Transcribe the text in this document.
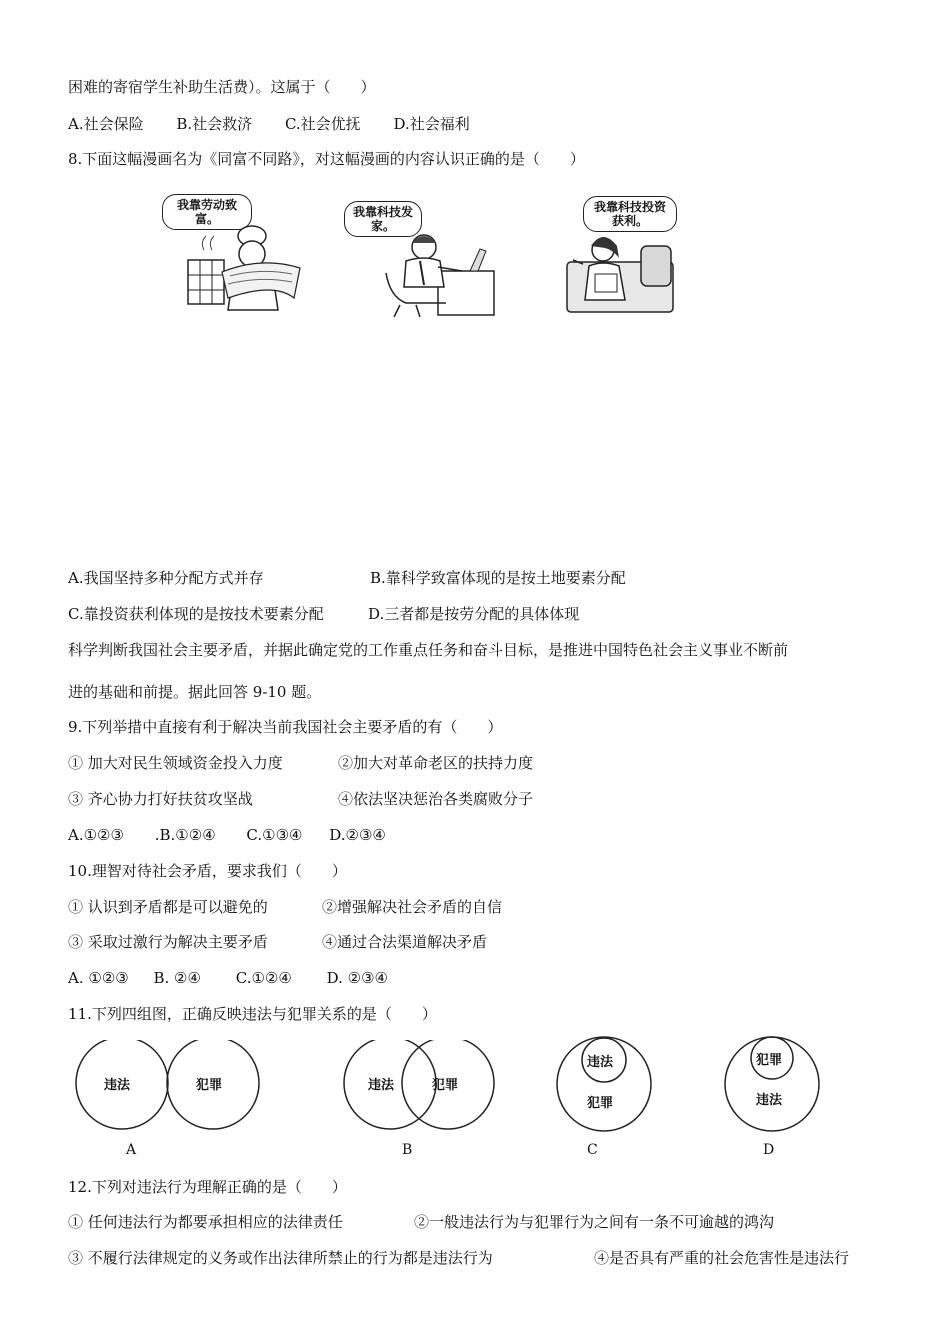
困难的寄宿学生补助生活费）。这属于（　　）
A.社会保险 B.社会救济 C.社会优抚 D.社会福利
8.下面这幅漫画名为《同富不同路》，对这幅漫画的内容认识正确的是（　　）
我靠劳动致富。	我靠科技发家。
我靠科技投资获利。
A.我国坚持多种分配方式并存	B.靠科学致富体现的是按土地要素分配
C.靠投资获利体现的是按技术要素分配	D.三者都是按劳分配的具体体现
科学判断我国社会主要矛盾，并据此确定党的工作重点任务和奋斗目标，是推进中国特色社会主义事业不断前
进的基础和前提。据此回答 9-10 题。
9.下列举措中直接有利于解决当前我国社会主要矛盾的有（　　）
① 加大对民生领域资金投入力度	②加大对革命老区的扶持力度
③ 齐心协力打好扶贫攻坚战	④依法坚决惩治各类腐败分子
A.①②③ .B.①②④ C.①③④ D.②③④
10.理智对待社会矛盾，要求我们（　　）
① 认识到矛盾都是可以避免的	②增强解决社会矛盾的自信
③ 采取过激行为解决主要矛盾	④通过合法渠道解决矛盾
A. ①②③ B. ②④ C.①②④ D. ②③④
11.下列四组图，正确反映违法与犯罪关系的是（　　）
违法	犯罪
A
违法	犯罪
B
违法
犯罪
C
犯罪
违法
D
12.下列对违法行为理解正确的是（　　）
① 任何违法行为都要承担相应的法律责任	②一般违法行为与犯罪行为之间有一条不可逾越的鸿沟
③ 不履行法律规定的义务或作出法律所禁止的行为都是违法行为	④是否具有严重的社会危害性是违法行
